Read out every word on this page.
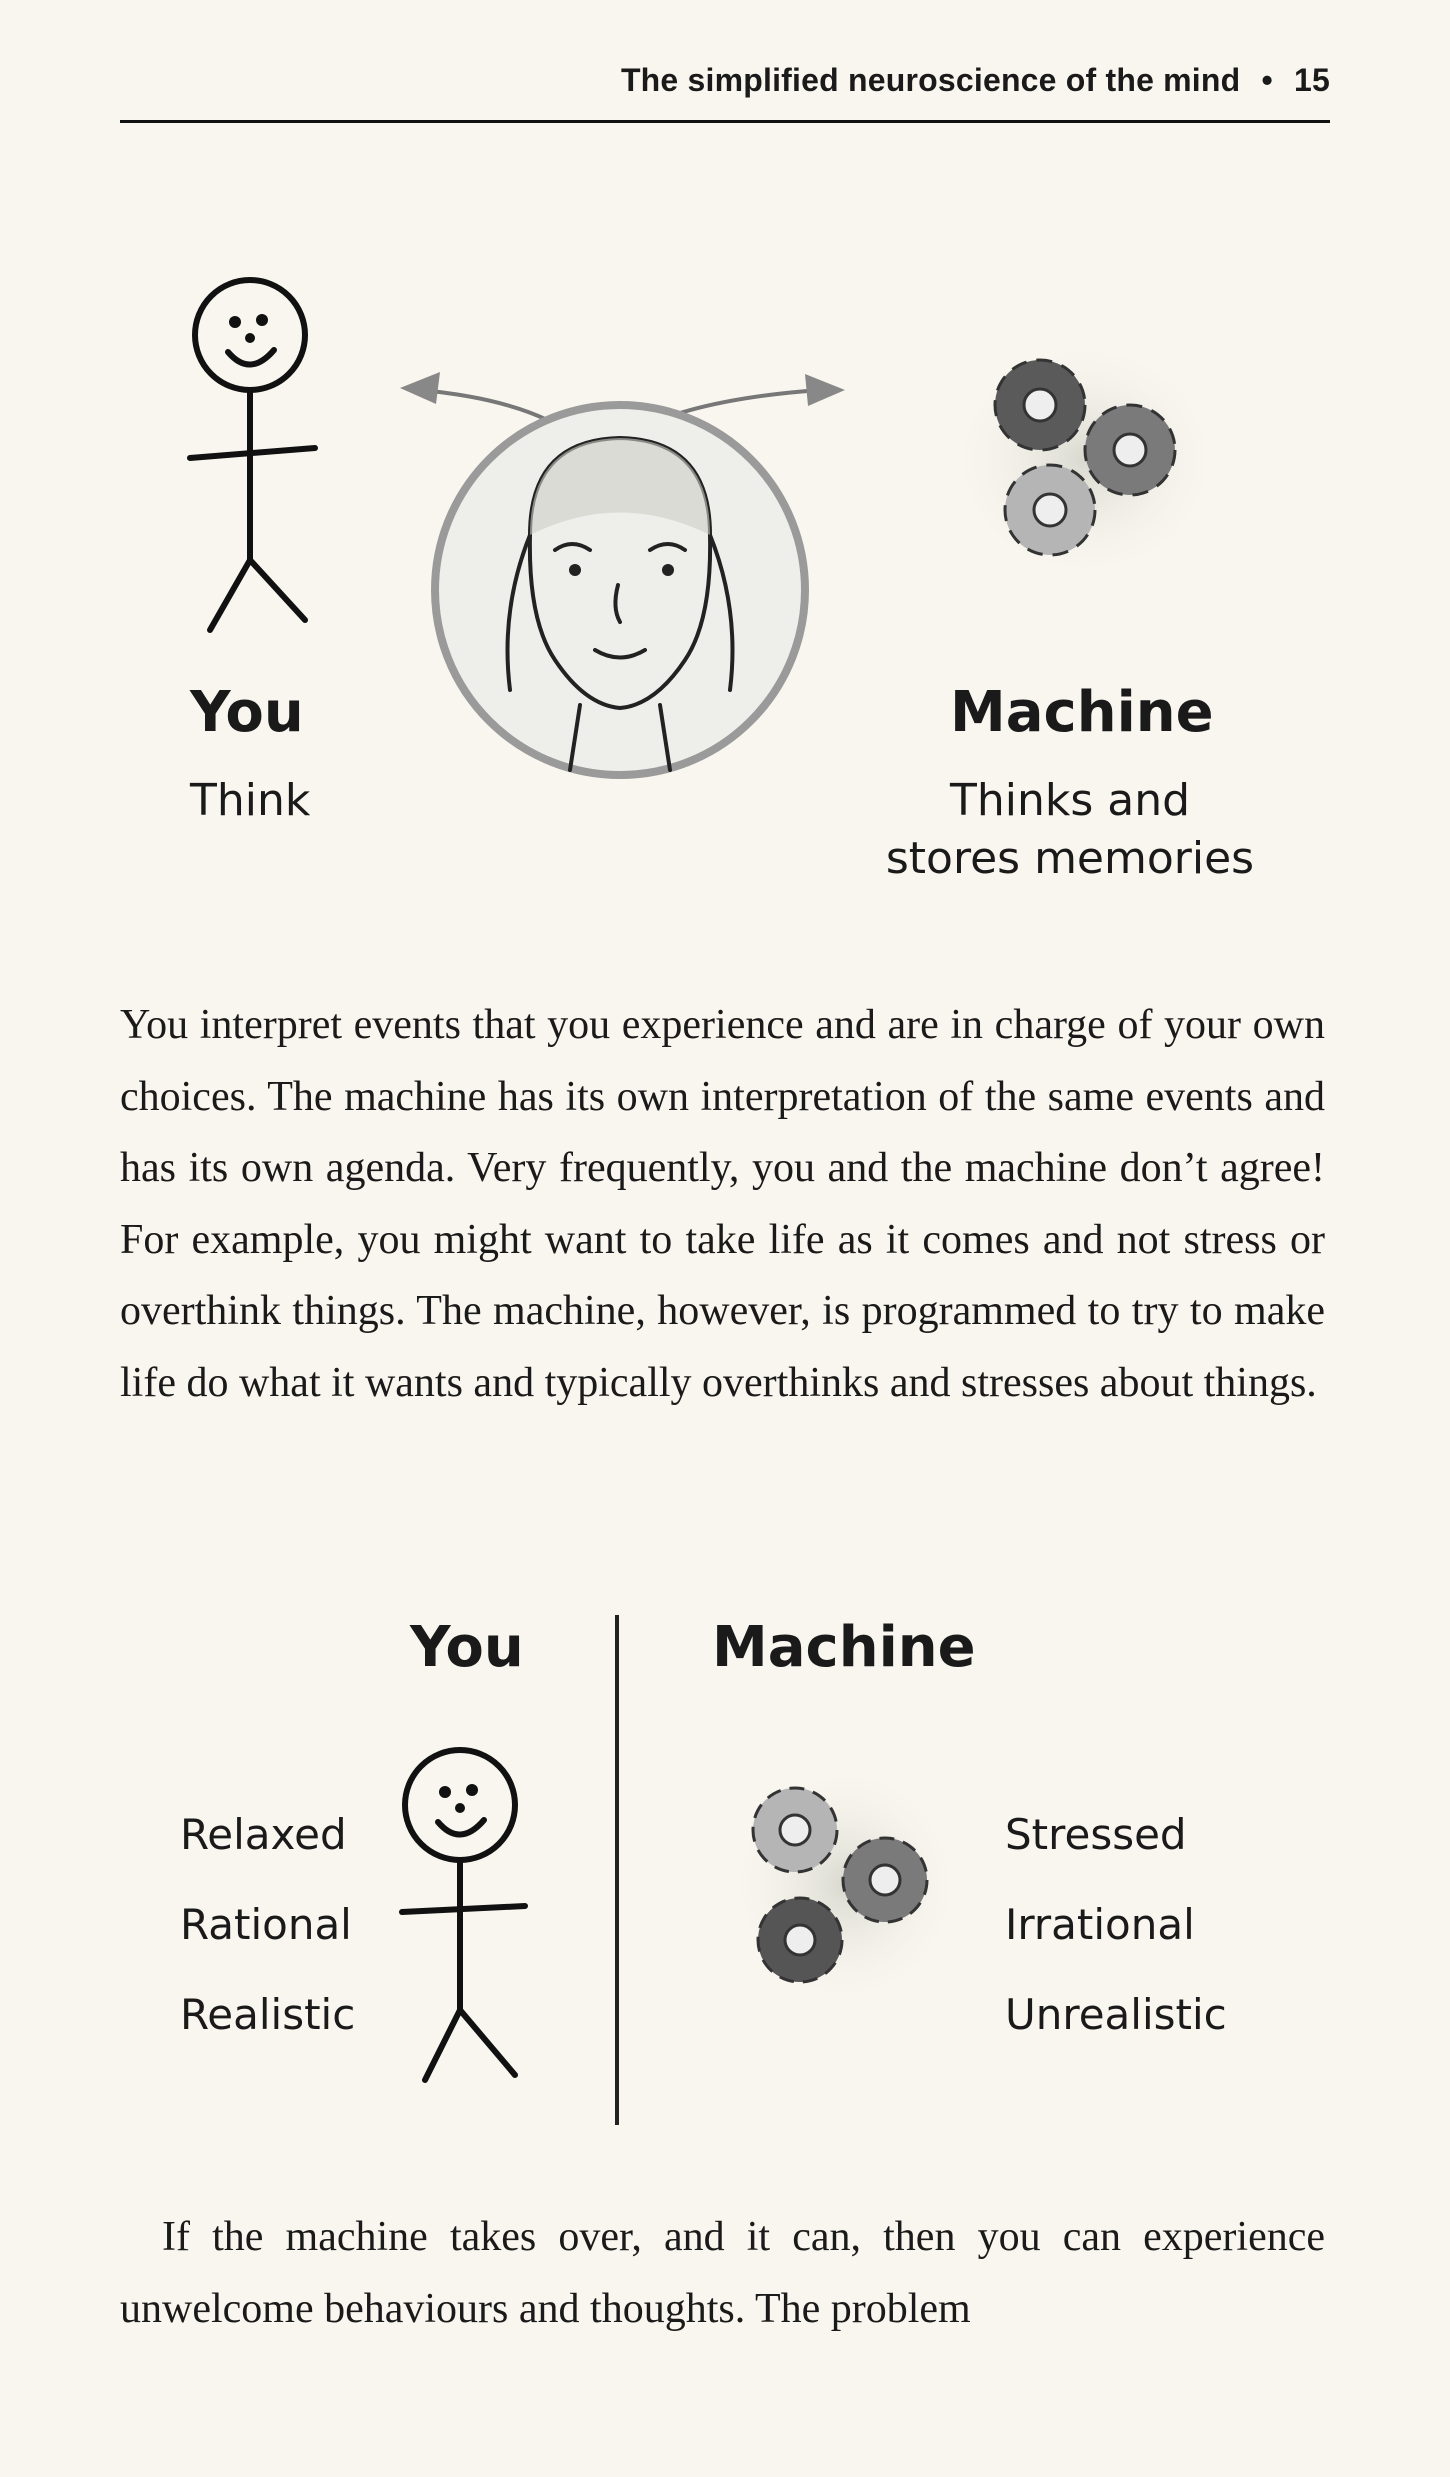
The simplified neuroscience of the mind • 15
You
Think
Machine
Thinks and
stores memories

You interpret events that you experience and are in charge of your own choices. The machine has its own interpretation of the same events and has its own agenda. Very frequently, you and the machine don’t agree! For example, you might want to take life as it comes and not stress or overthink things. The machine, however, is programmed to try to make life do what it wants and typically overthinks and stresses about things.

You	Machine
Relaxed
Rational
Realistic
Stressed
Irrational
Unrealistic

If the machine takes over, and it can, then you can experience unwelcome behaviours and thoughts. The problem
